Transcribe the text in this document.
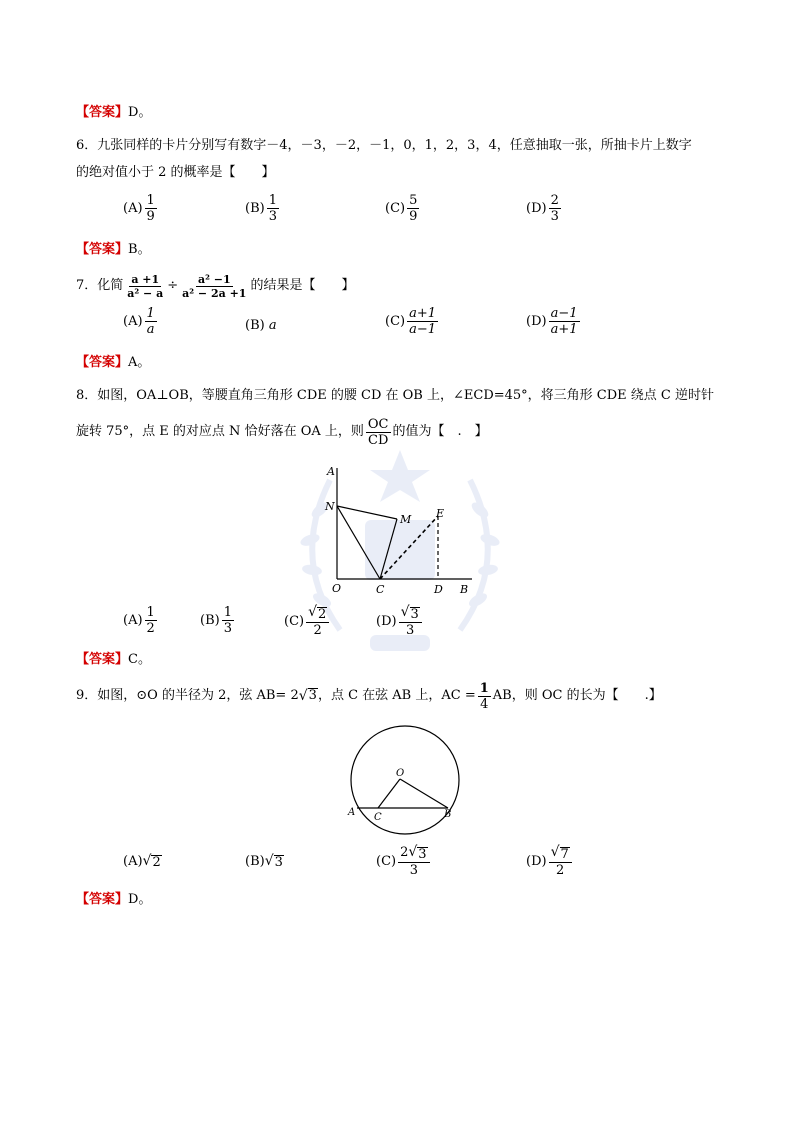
【答案】D。
6．九张同样的卡片分别写有数字－4，－3，－2，－1，0，1，2，3，4，任意抽取一张，所抽卡片上数字
的绝对值小于 2 的概率是【　　】
$(A) \frac{1}{9}$	$(B) \frac{1}{3}$	$(C) \frac{5}{9}$	$(D) \frac{2}{3}$
【答案】B。
7．化简 $\frac{a +1}{\text{a² − a}} \div \frac{\text{a² −1}}{\text{a² − 2a +1}}$ 的结果是【　　】
$(A) \frac{1}{a}$	(B)
a	$(C) \frac{a+1}{a-1}$	$(D) \frac{a-1}{a+1}$
【答案】A。
8．如图，OA⊥OB，等腰直角三角形 CDE 的腰 CD 在 OB 上，∠ECD=45°，将三角形 CDE 绕点 C 逆时针
旋转 75°，点 E 的对应点 N 恰好落在 OA 上，则 $\frac{OC}{CD}$ 的值为【　.　】
A
N
M E
O	C	D B
$(A) \frac{1}{2}$	$(B) \frac{1}{3}$	$(C) \frac{√ 2}{2}$	$(D) \frac{√ 3}{3}$
【答案】C。
9．如图，⊙O 的半径为 2，弦 AB= 2 √ 3 ，点 C 在弦 AB 上，AC = $\frac{1}{4}$ AB，则 OC 的长为【　　.】
O
A C	B
(A) √ 2	(B) √ 3	$(C) \frac{2 √ 3}{3}$	$(D) \frac{√ 7}{2}$
【答案】D。
